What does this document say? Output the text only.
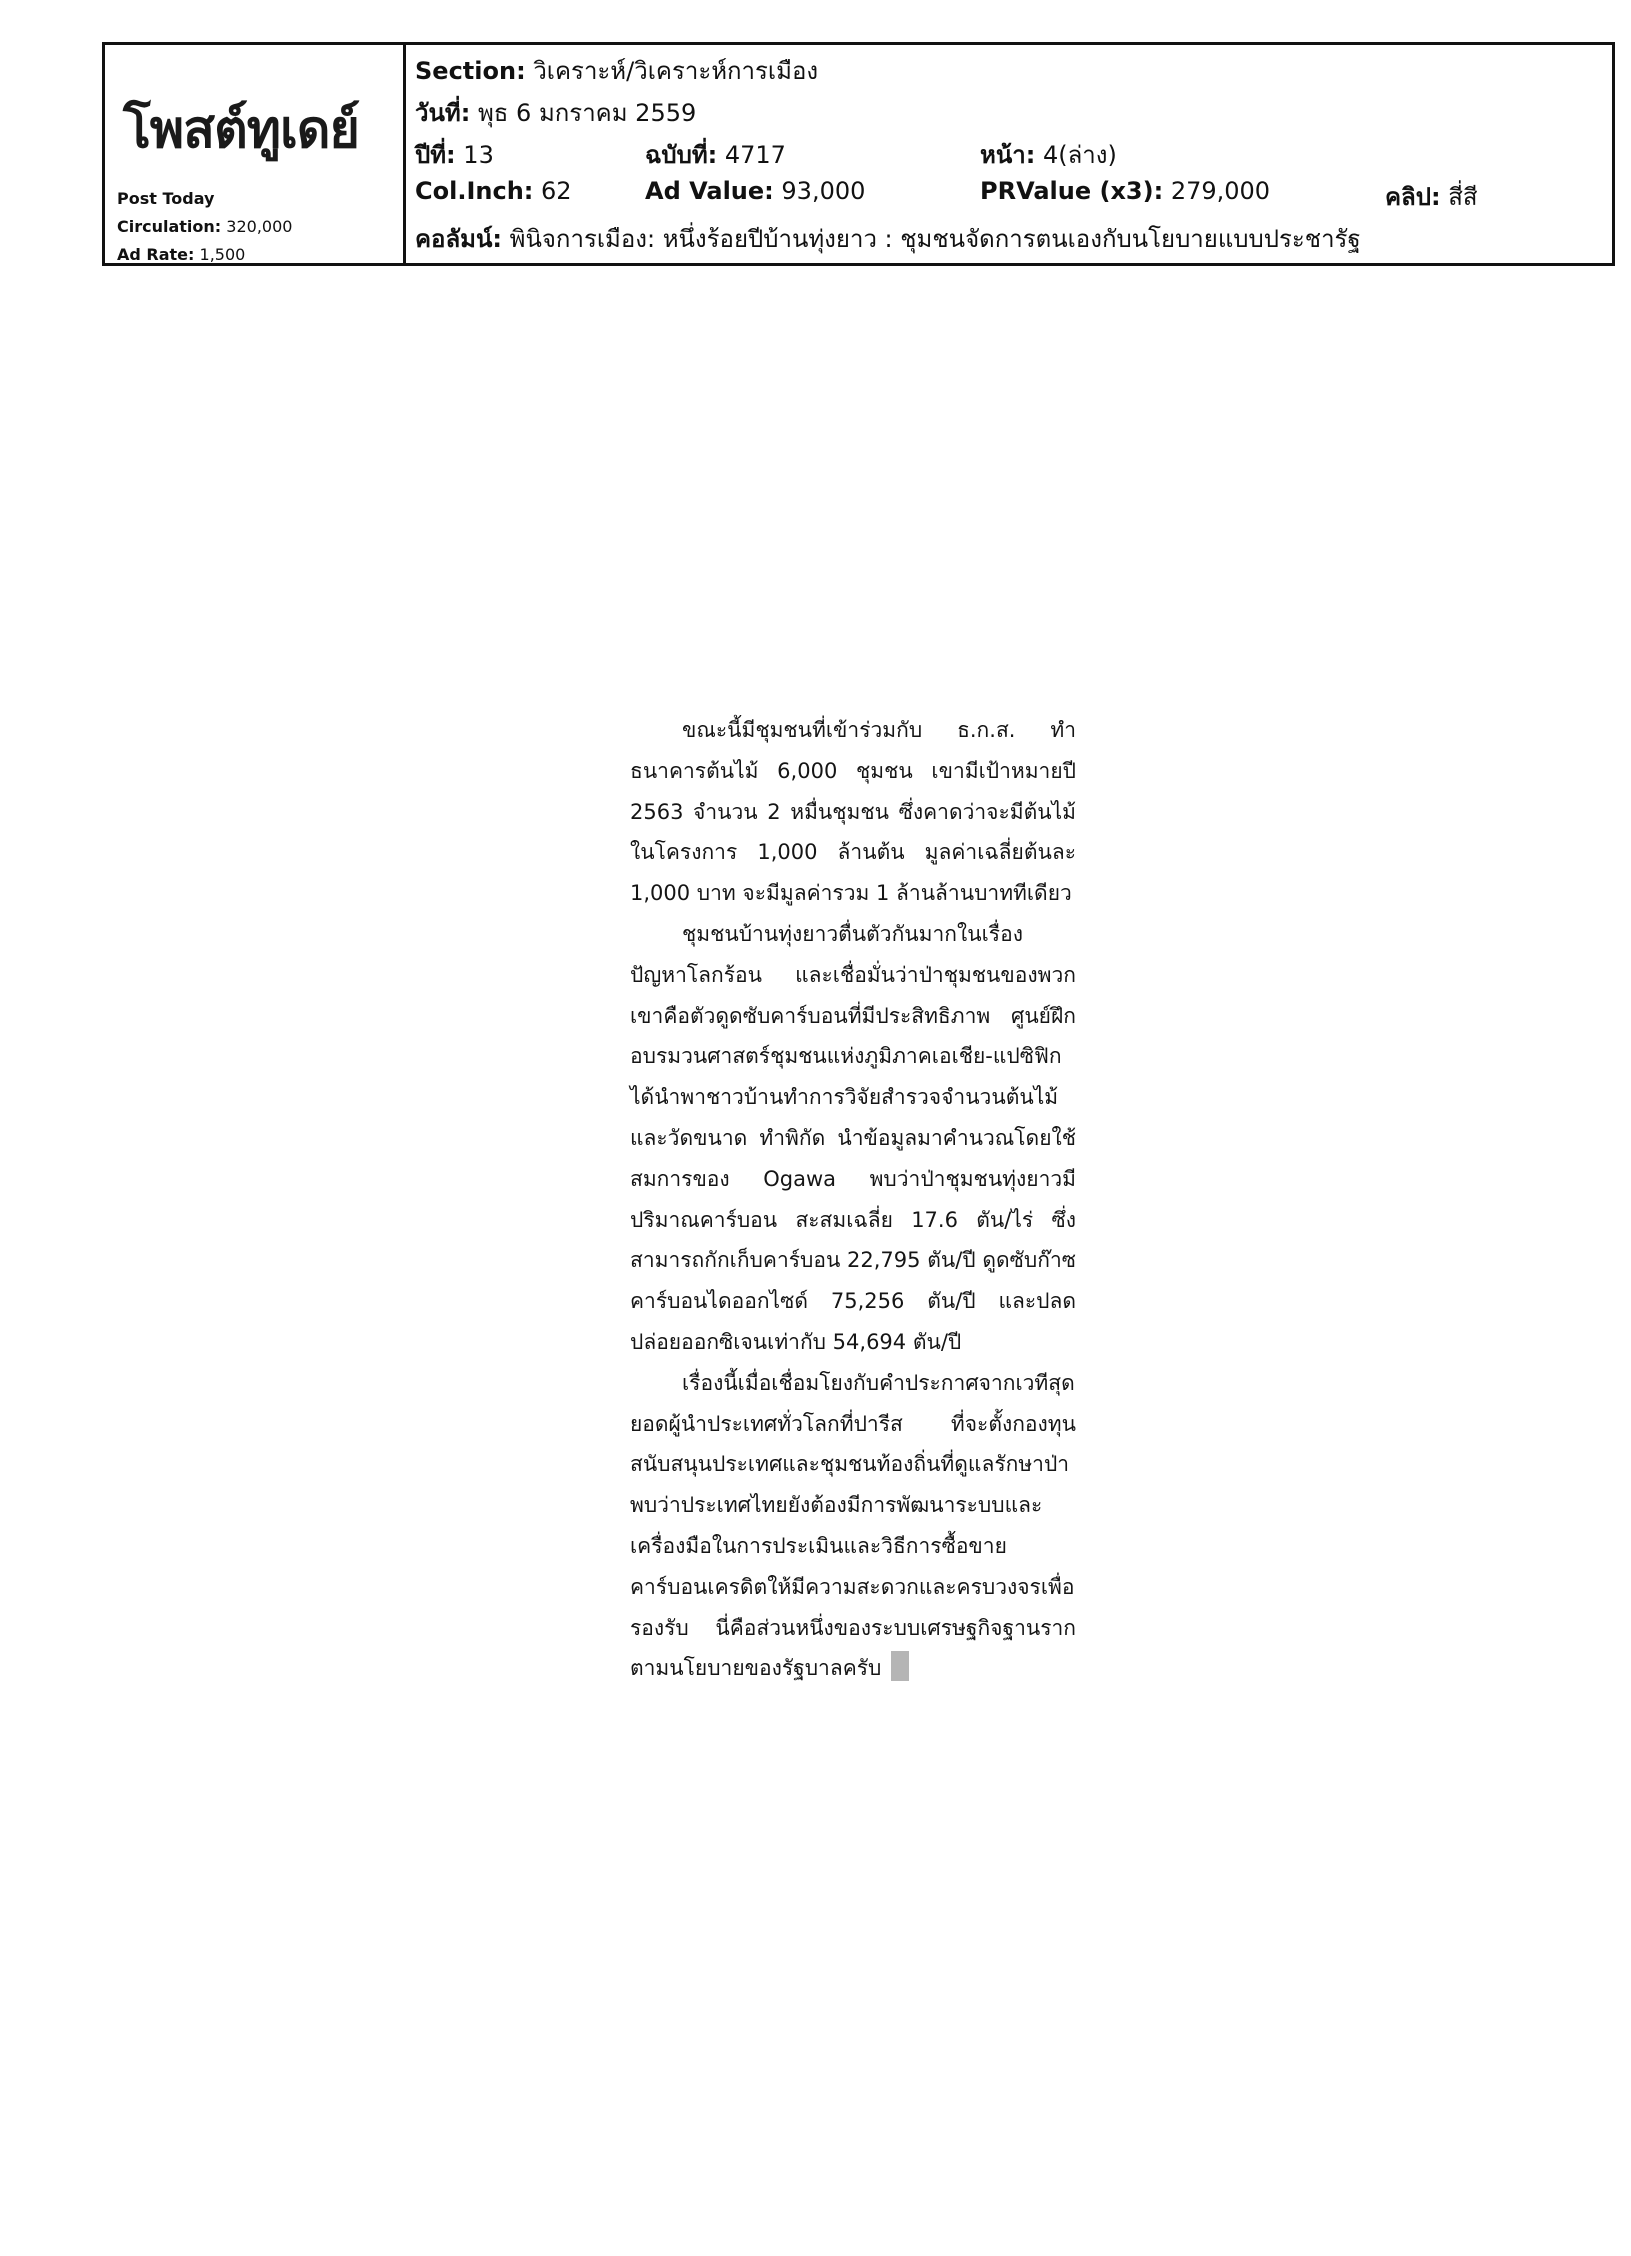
โพสต์ทูเดย์
Post Today
Circulation: 320,000
Ad Rate: 1,500
Section: วิเคราะห์/วิเคราะห์การเมือง
วันที่: พุธ 6 มกราคม 2559
ปีที่: 13	ฉบับที่: 4717	หน้า: 4(ล่าง)
Col.Inch: 62	Ad Value: 93,000	PRValue (x3): 279,000	คลิป: สี่สี
คอลัมน์: พินิจการเมือง: หนึ่งร้อยปีบ้านทุ่งยาว : ชุมชนจัดการตนเองกับนโยบายแบบประชารัฐ

ขณะนี้มีชุมชนที่เข้าร่วมกับ ธ.ก.ส. ทำธนาคารต้นไม้ 6,000 ชุมชน เขามีเป้าหมายปี 2563 จำนวน 2 หมื่นชุมชน ซึ่งคาดว่าจะมีต้นไม้ในโครงการ 1,000 ล้านต้น มูลค่าเฉลี่ยต้นละ 1,000 บาท จะมีมูลค่ารวม 1 ล้านล้านบาททีเดียว

ชุมชนบ้านทุ่งยาวตื่นตัวกันมากในเรื่องปัญหาโลกร้อน และเชื่อมั่นว่าป่าชุมชนของพวกเขาคือตัวดูดซับคาร์บอนที่มีประสิทธิภาพ ศูนย์ฝึกอบรมวนศาสตร์ชุมชนแห่งภูมิภาคเอเชีย-แปซิฟิก ได้นำพาชาวบ้านทำการวิจัยสำรวจจำนวนต้นไม้และวัดขนาด ทำพิกัด นำข้อมูลมาคำนวณโดยใช้สมการของ Ogawa พบว่าป่าชุมชนทุ่งยาวมีปริมาณคาร์บอน สะสมเฉลี่ย 17.6 ตัน/ไร่ ซึ่งสามารถกักเก็บคาร์บอน 22,795 ตัน/ปี ดูดซับก๊าซคาร์บอนไดออกไซด์ 75,256 ตัน/ปี และปลดปล่อยออกซิเจนเท่ากับ 54,694 ตัน/ปี

เรื่องนี้เมื่อเชื่อมโยงกับคำประกาศจากเวทีสุดยอดผู้นำประเทศทั่วโลกที่ปารีส ที่จะตั้งกองทุนสนับสนุนประเทศและชุมชนท้องถิ่นที่ดูแลรักษาป่า พบว่าประเทศไทยยังต้องมีการพัฒนาระบบและเครื่องมือในการประเมินและวิธีการซื้อขายคาร์บอนเครดิตให้มีความสะดวกและครบวงจรเพื่อรองรับ นี่คือส่วนหนึ่งของระบบเศรษฐกิจฐานรากตามนโยบายของรัฐบาลครับ
